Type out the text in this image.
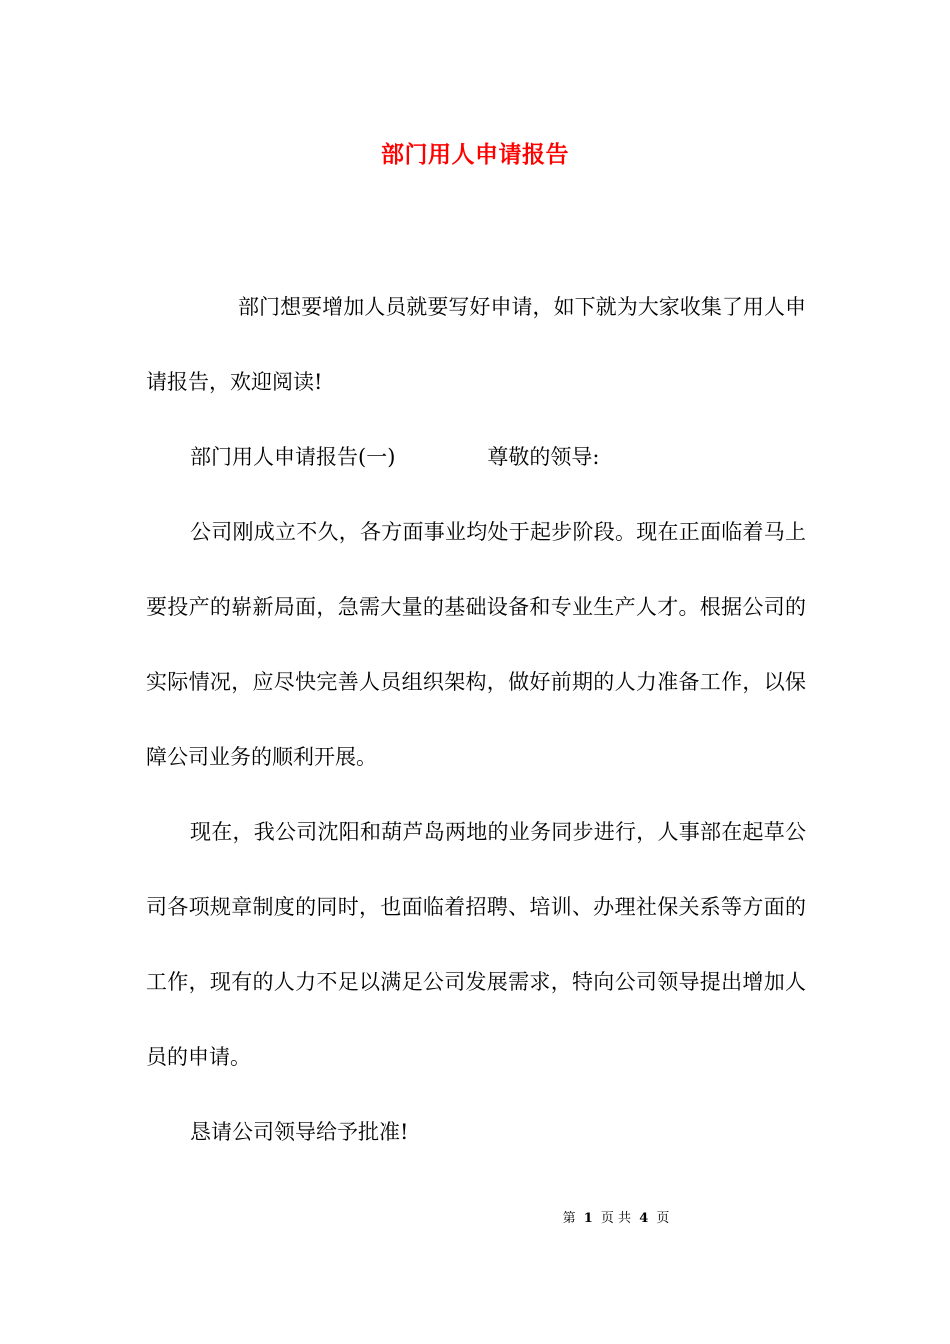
部门用人申请报告

部门想要增加人员就要写好申请，如下就为大家收集了用人申请报告，欢迎阅读!

部门用人申请报告(一)	尊敬的领导:

公司刚成立不久，各方面事业均处于起步阶段。现在正面临着马上要投产的崭新局面，急需大量的基础设备和专业生产人才。根据公司的实际情况，应尽快完善人员组织架构，做好前期的人力准备工作，以保障公司业务的顺利开展。

现在，我公司沈阳和葫芦岛两地的业务同步进行，人事部在起草公司各项规章制度的同时，也面临着招聘、培训、办理社保关系等方面的工作，现有的人力不足以满足公司发展需求，特向公司领导提出增加人员的申请。

恳请公司领导给予批准!

第 1 页 共 4 页
